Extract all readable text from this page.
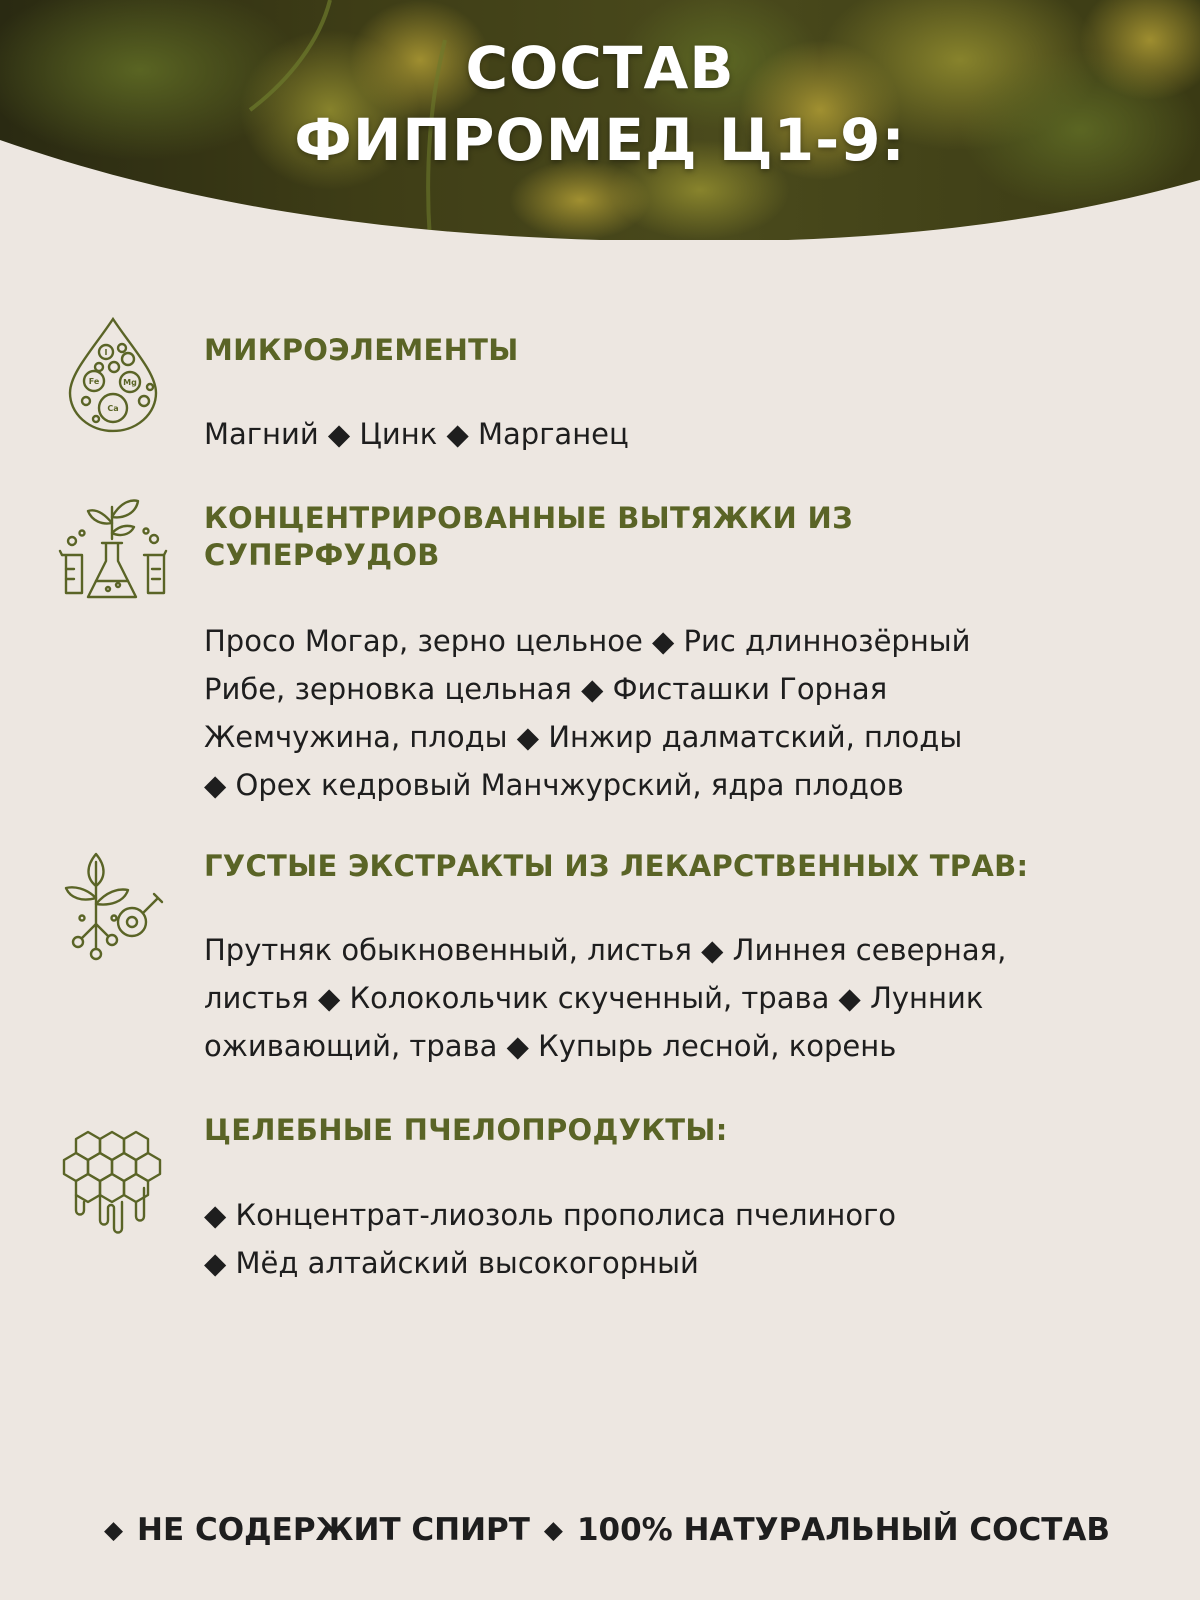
СОСТАВ
ФИПРОМЕД Ц1-9:
Fe	Mg
Ca
I	МИКРОЭЛЕМЕНТЫ
Магний ◆ Цинк ◆ Марганец
КОНЦЕНТРИРОВАННЫЕ ВЫТЯЖКИ ИЗ
СУПЕРФУДОВ
Просо Могар, зерно цельное ◆ Рис длиннозёрный
Рибе, зерновка цельная ◆ Фисташки Горная
Жемчужина, плоды ◆ Инжир далматский, плоды
◆ Орех кедровый Манчжурский, ядра плодов
ГУСТЫЕ ЭКСТРАКТЫ ИЗ ЛЕКАРСТВЕННЫХ ТРАВ:
Прутняк обыкновенный, листья ◆ Линнея северная,
листья ◆ Колокольчик скученный, трава ◆ Лунник
оживающий, трава ◆ Купырь лесной, корень
ЦЕЛЕБНЫЕ ПЧЕЛОПРОДУКТЫ:
◆ Концентрат-лиозоль прополиса пчелиного
◆ Мёд алтайский высокогорный
◆ НЕ СОДЕРЖИТ СПИРТ ◆ 100% НАТУРАЛЬНЫЙ СОСТАВ
